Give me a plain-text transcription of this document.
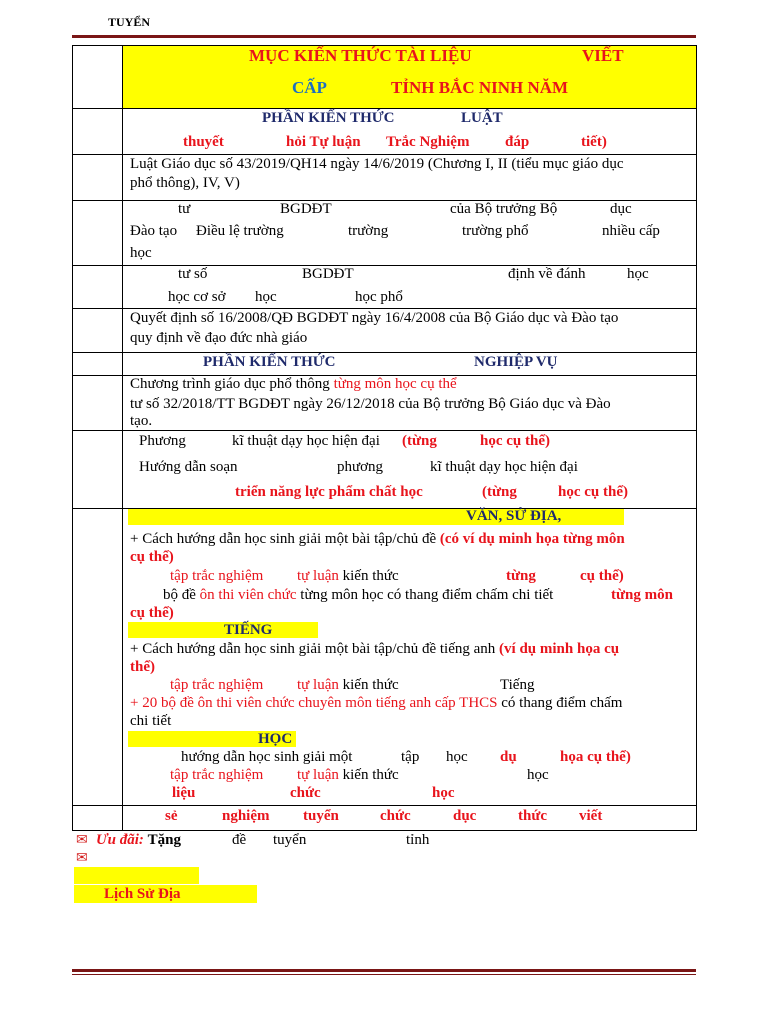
TUYỂN
MỤC KIẾN THỨC TÀI LIỆU	VIẾT
CẤP	TỈNH BẮC NINH NĂM
PHẦN KIẾN THỨC	LUẬT
thuyết	hỏi Tự luận Trắc Nghiệm đáp	tiết)
Luật Giáo dục số 43/2019/QH14 ngày 14/6/2019 (Chương I, II (tiểu mục giáo dục
phổ thông), IV, V)
tư	BGDĐT	của Bộ trưởng Bộ	dục
Đào tạo Điều lệ trường	trường	trường phổ	nhiều cấp
học
tư số	BGDĐT	định về đánh	học
học cơ sở học	học phổ
Quyết định số 16/2008/QĐ BGDĐT ngày 16/4/2008 của Bộ Giáo dục và Đào tạo
quy định về đạo đức nhà giáo
PHẦN KIẾN THỨC	NGHIỆP VỤ
Chương trình giáo dục phổ thông từng môn học cụ thể
tư số 32/2018/TT BGDĐT ngày 26/12/2018 của Bộ trưởng Bộ Giáo dục và Đào
tạo.
Phương	kĩ thuật dạy học hiện đại (từng	học cụ thể)
Hướng dẫn soạn	phương	kĩ thuật dạy học hiện đại
triển năng lực phẩm chất học	(từng	học cụ thể)
VĂN, SỬ ĐỊA,
+ Cách hướng dẫn học sinh giải một bài tập/chủ đề (có ví dụ minh họa từng môn
cụ thể)
tập trắc nghiệm tự luận kiến thức	từng	cụ thể)
bộ đề ôn thi viên chức từng môn học có thang điểm chấm chi tiết	từng môn
cụ thể)
TIẾNG
+ Cách hướng dẫn học sinh giải một bài tập/chủ đề tiếng anh (ví dụ minh họa cụ
thể)
tập trắc nghiệm tự luận kiến thức	Tiếng
+ 20 bộ đề ôn thi viên chức chuyên môn tiếng anh cấp THCS có thang điểm chấm
chi tiết
HỌC
hướng dẫn học sinh giải một	tập học dụ	họa cụ thể)
tập trắc nghiệm tự luận kiến thức	học
liệu	chức	học
sẻ	nghiệm tuyển	chức	dục	thức viết
✉ Ưu đãi: Tặng	đề tuyển	tỉnh
✉
Lịch Sử Địa
